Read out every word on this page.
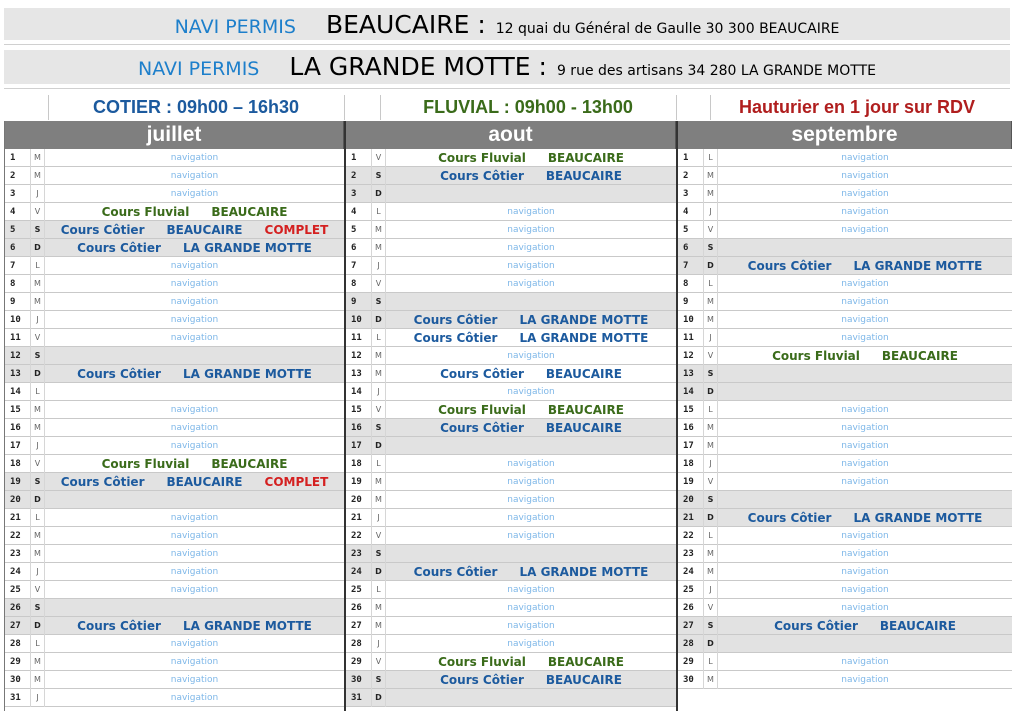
NAVI PERMIS BEAUCAIRE : 12 quai du Général de Gaulle 30 300 BEAUCAIRE
NAVI PERMIS LA GRANDE MOTTE : 9 rue des artisans 34 280 LA GRANDE MOTTE
COTIER : 09h00 – 16h30	FLUVIAL : 09h00 - 13h00	Hauturier en 1 jour sur RDV
juillet
1	M	navigation
2	M	navigation
3	J	navigation
4	V	Cours Fluvial BEAUCAIRE
5	S	Cours Côtier BEAUCAIRE COMPLET
6	D	Cours Côtier LA GRANDE MOTTE
7	L	navigation
8	M	navigation
9	M	navigation
10	J	navigation
11	V	navigation
12	S
13	D	Cours Côtier LA GRANDE MOTTE
14	L
15	M	navigation
16	M	navigation
17	J	navigation
18	V	Cours Fluvial BEAUCAIRE
19	S	Cours Côtier BEAUCAIRE COMPLET
20	D
21	L	navigation
22	M	navigation
23	M	navigation
24	J	navigation
25	V	navigation
26	S
27	D	Cours Côtier LA GRANDE MOTTE
28	L	navigation
29	M	navigation
30	M	navigation
31	J	navigation
aout
1	V	Cours Fluvial BEAUCAIRE
2	S	Cours Côtier BEAUCAIRE
3	D
4	L	navigation
5	M	navigation
6	M	navigation
7	J	navigation
8	V	navigation
9	S
10	D	Cours Côtier LA GRANDE MOTTE
11	L	Cours Côtier LA GRANDE MOTTE
12	M	navigation
13	M	Cours Côtier BEAUCAIRE
14	J	navigation
15	V	Cours Fluvial BEAUCAIRE
16	S	Cours Côtier BEAUCAIRE
17	D
18	L	navigation
19	M	navigation
20	M	navigation
21	J	navigation
22	V	navigation
23	S
24	D	Cours Côtier LA GRANDE MOTTE
25	L	navigation
26	M	navigation
27	M	navigation
28	J	navigation
29	V	Cours Fluvial BEAUCAIRE
30	S	Cours Côtier BEAUCAIRE
31	D
septembre
1	L	navigation
2	M	navigation
3	M	navigation
4	J	navigation
5	V	navigation
6	S
7	D	Cours Côtier LA GRANDE MOTTE
8	L	navigation
9	M	navigation
10	M	navigation
11	J	navigation
12	V	Cours Fluvial BEAUCAIRE
13	S
14	D
15	L	navigation
16	M	navigation
17	M	navigation
18	J	navigation
19	V	navigation
20	S
21	D	Cours Côtier LA GRANDE MOTTE
22	L	navigation
23	M	navigation
24	M	navigation
25	J	navigation
26	V	navigation
27	S	Cours Côtier BEAUCAIRE
28	D
29	L	navigation
30	M	navigation
